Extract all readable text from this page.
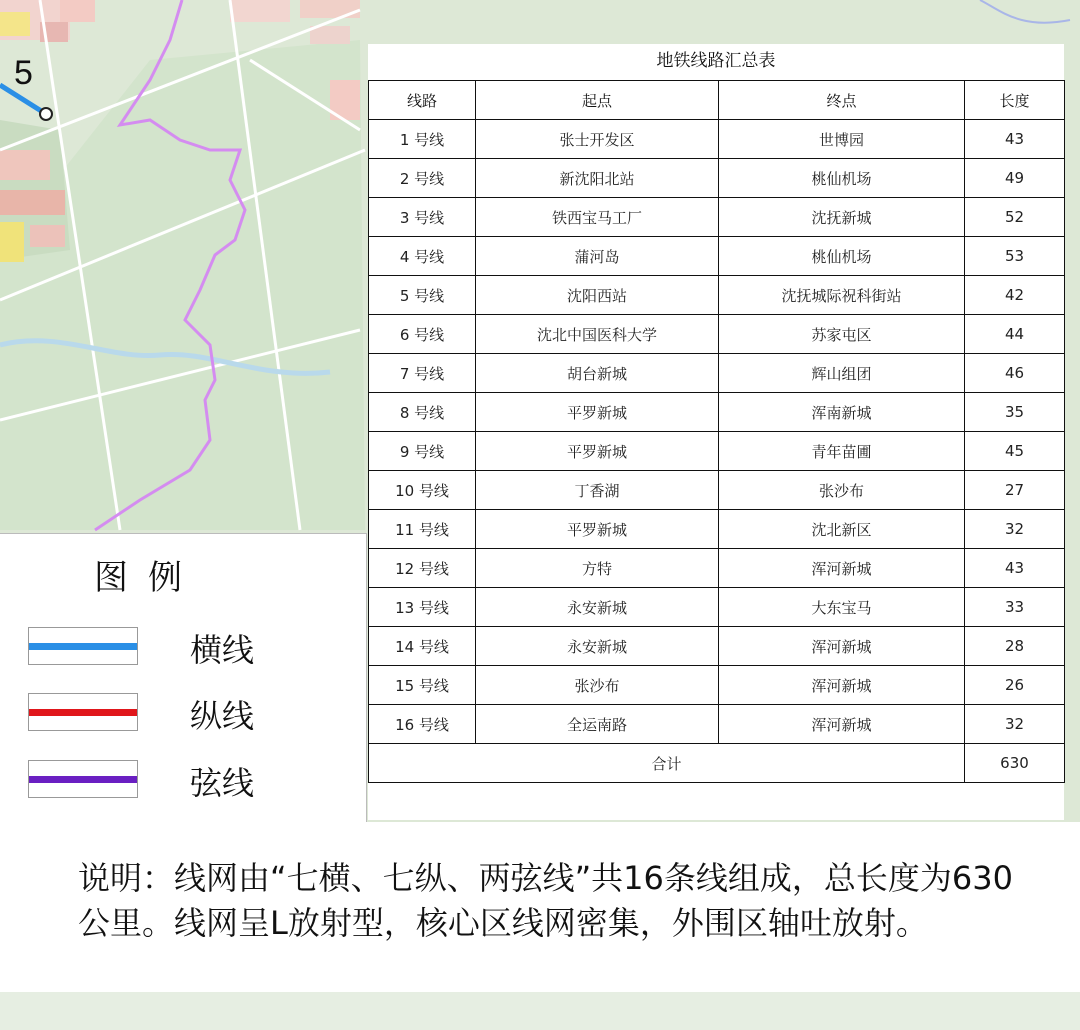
5	地铁线路汇总表
线路	起点	终点	长度
1 号线	张士开发区	世博园	43
2 号线	新沈阳北站	桃仙机场	49
3 号线	铁西宝马工厂	沈抚新城	52
4 号线	蒲河岛	桃仙机场	53
5 号线	沈阳西站	沈抚城际祝科街站	42
6 号线	沈北中国医科大学	苏家屯区	44
7 号线	胡台新城	辉山组团	46
8 号线	平罗新城	浑南新城	35
9 号线	平罗新城	青年苗圃	45
10 号线	丁香湖	张沙布	27
11 号线	平罗新城	沈北新区	32
12 号线	方特	浑河新城	43
13 号线	永安新城	大东宝马	33
14 号线	永安新城	浑河新城	28
15 号线	张沙布	浑河新城	26
16 号线	全运南路	浑河新城	32
合计			630
图例
横线
纵线
弦线
说明：线网由“七横、七纵、两弦线”共16条线组成，总长度为630公里。线网呈L放射型，核心区线网密集，外围区轴吐放射。
